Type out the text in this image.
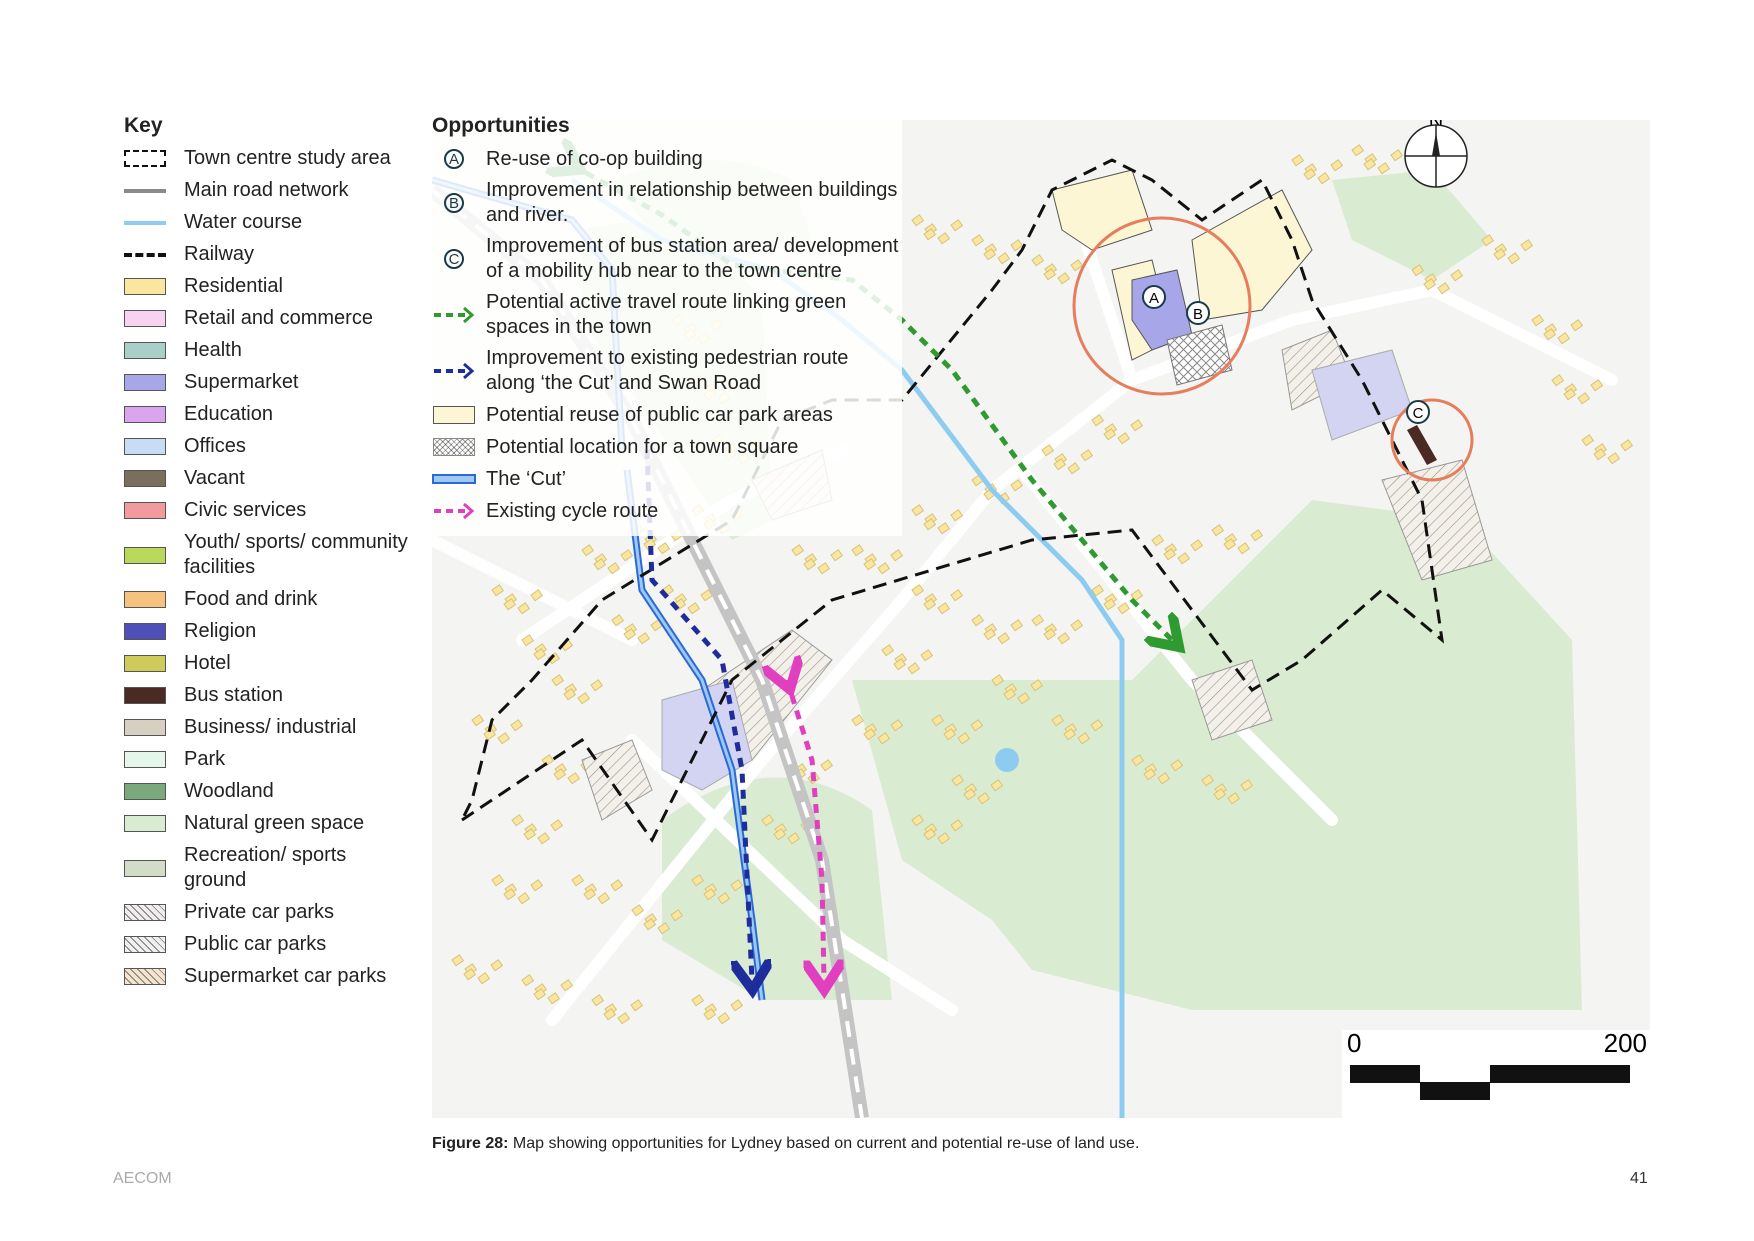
Key
Town centre study area
Main road network
Water course
Railway
Residential
Retail and commerce
Health
Supermarket
Education
Offices
Vacant
Civic services
Youth/ sports/ community facilities
Food and drink
Religion
Hotel
Bus station
Business/ industrial
Park
Woodland
Natural green space
Recreation/ sports ground
Private car parks
Public car parks
Supermarket car parks
A
B
C
0	200
Opportunities
A Re-use of co-op building
B
Improvement in relationship between buildings and river.
C
Improvement of bus station area/ development of a mobility hub near to the town centre
Potential active travel route linking green spaces in the town
Improvement to existing pedestrian route along ‘the Cut’ and Swan Road
Potential reuse of public car park areas
Potential location for a town square
The ‘Cut’
Existing cycle route
Figure 28: Map showing opportunities for Lydney based on current and potential re-use of land use.
AECOM	41
